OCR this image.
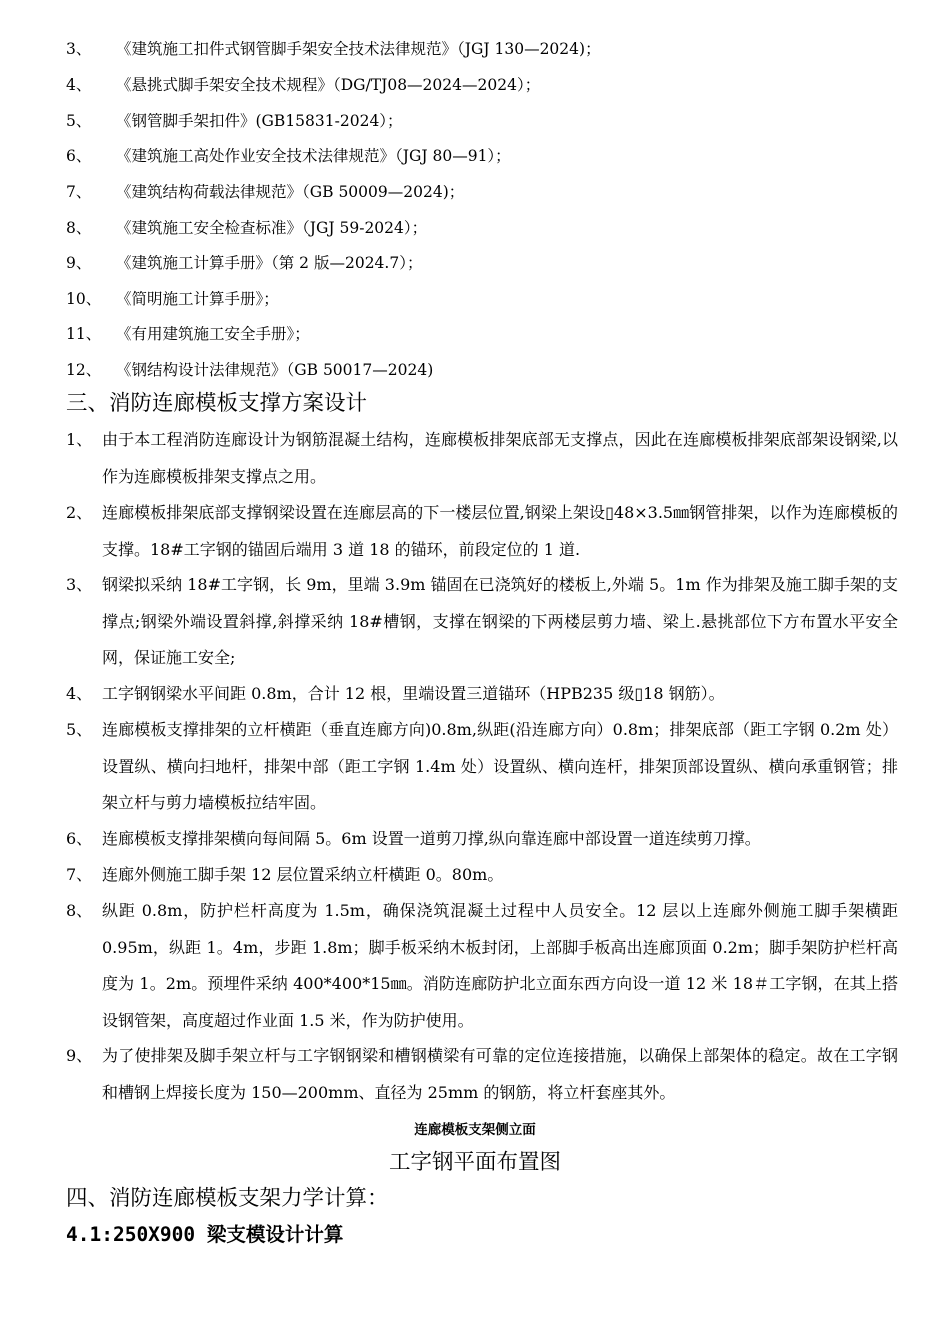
3、 《建筑施工扣件式钢管脚手架安全技术法律规范》（JGJ 130—2024)；
4、 《悬挑式脚手架安全技术规程》（DG/TJ08—2024—2024）；
5、 《钢管脚手架扣件》(GB15831-2024）；
6、 《建筑施工高处作业安全技术法律规范》（JGJ 80—91）；
7、 《建筑结构荷载法律规范》（GB 50009—2024)；
8、 《建筑施工安全检查标准》（JGJ 59-2024）；
9、 《建筑施工计算手册》（第 2 版—2024.7）；
10、 《简明施工计算手册》；
11、 《有用建筑施工安全手册》；
12、 《钢结构设计法律规范》（GB 50017—2024)
三、消防连廊模板支撑方案设计
1、 由于本工程消防连廊设计为钢筋混凝土结构，连廊模板排架底部无支撑点，因此在连廊模板排架底部架设钢梁,以作为连廊模板排架支撑点之用。
2、 连廊模板排架底部支撑钢梁设置在连廊层高的下一楼层位置,钢梁上架设▯48×3.5㎜钢管排架，以作为连廊模板的支撑。18#工字钢的锚固后端用 3 道 18 的锚环，前段定位的 1 道.
3、 钢梁拟采纳 18#工字钢，长 9m，里端 3.9m 锚固在已浇筑好的楼板上,外端 5。1m 作为排架及施工脚手架的支撑点;钢梁外端设置斜撑,斜撑采纳 18#槽钢，支撑在钢梁的下两楼层剪力墙、梁上.悬挑部位下方布置水平安全网，保证施工安全;
4、 工字钢钢梁水平间距 0.8m，合计 12 根，里端设置三道锚环（HPB235 级▯18 钢筋）。
5、 连廊模板支撑排架的立杆横距（垂直连廊方向)0.8m,纵距(沿连廊方向）0.8m；排架底部（距工字钢 0.2m 处）设置纵、横向扫地杆，排架中部（距工字钢 1.4m 处）设置纵、横向连杆，排架顶部设置纵、横向承重钢管；排架立杆与剪力墙模板拉结牢固。
6、 连廊模板支撑排架横向每间隔 5。6m 设置一道剪刀撑,纵向靠连廊中部设置一道连续剪刀撑。
7、 连廊外侧施工脚手架 12 层位置采纳立杆横距 0。80m。
8、 纵距 0.8m，防护栏杆高度为 1.5m，确保浇筑混凝土过程中人员安全。12 层以上连廊外侧施工脚手架横距 0.95m，纵距 1。4m，步距 1.8m；脚手板采纳木板封闭，上部脚手板高出连廊顶面 0.2m；脚手架防护栏杆高度为 1。2m。预埋件采纳 400*400*15㎜。消防连廊防护北立面东西方向设一道 12 米 18＃工字钢，在其上搭设钢管架，高度超过作业面 1.5 米，作为防护使用。
9、 为了使排架及脚手架立杆与工字钢钢梁和槽钢横梁有可靠的定位连接措施，以确保上部架体的稳定。故在工字钢和槽钢上焊接长度为 150—200mm、直径为 25mm 的钢筋，将立杆套座其外。
连廊模板支架侧立面
工字钢平面布置图
四、消防连廊模板支架力学计算：
4.1:250X900 梁支模设计计算
